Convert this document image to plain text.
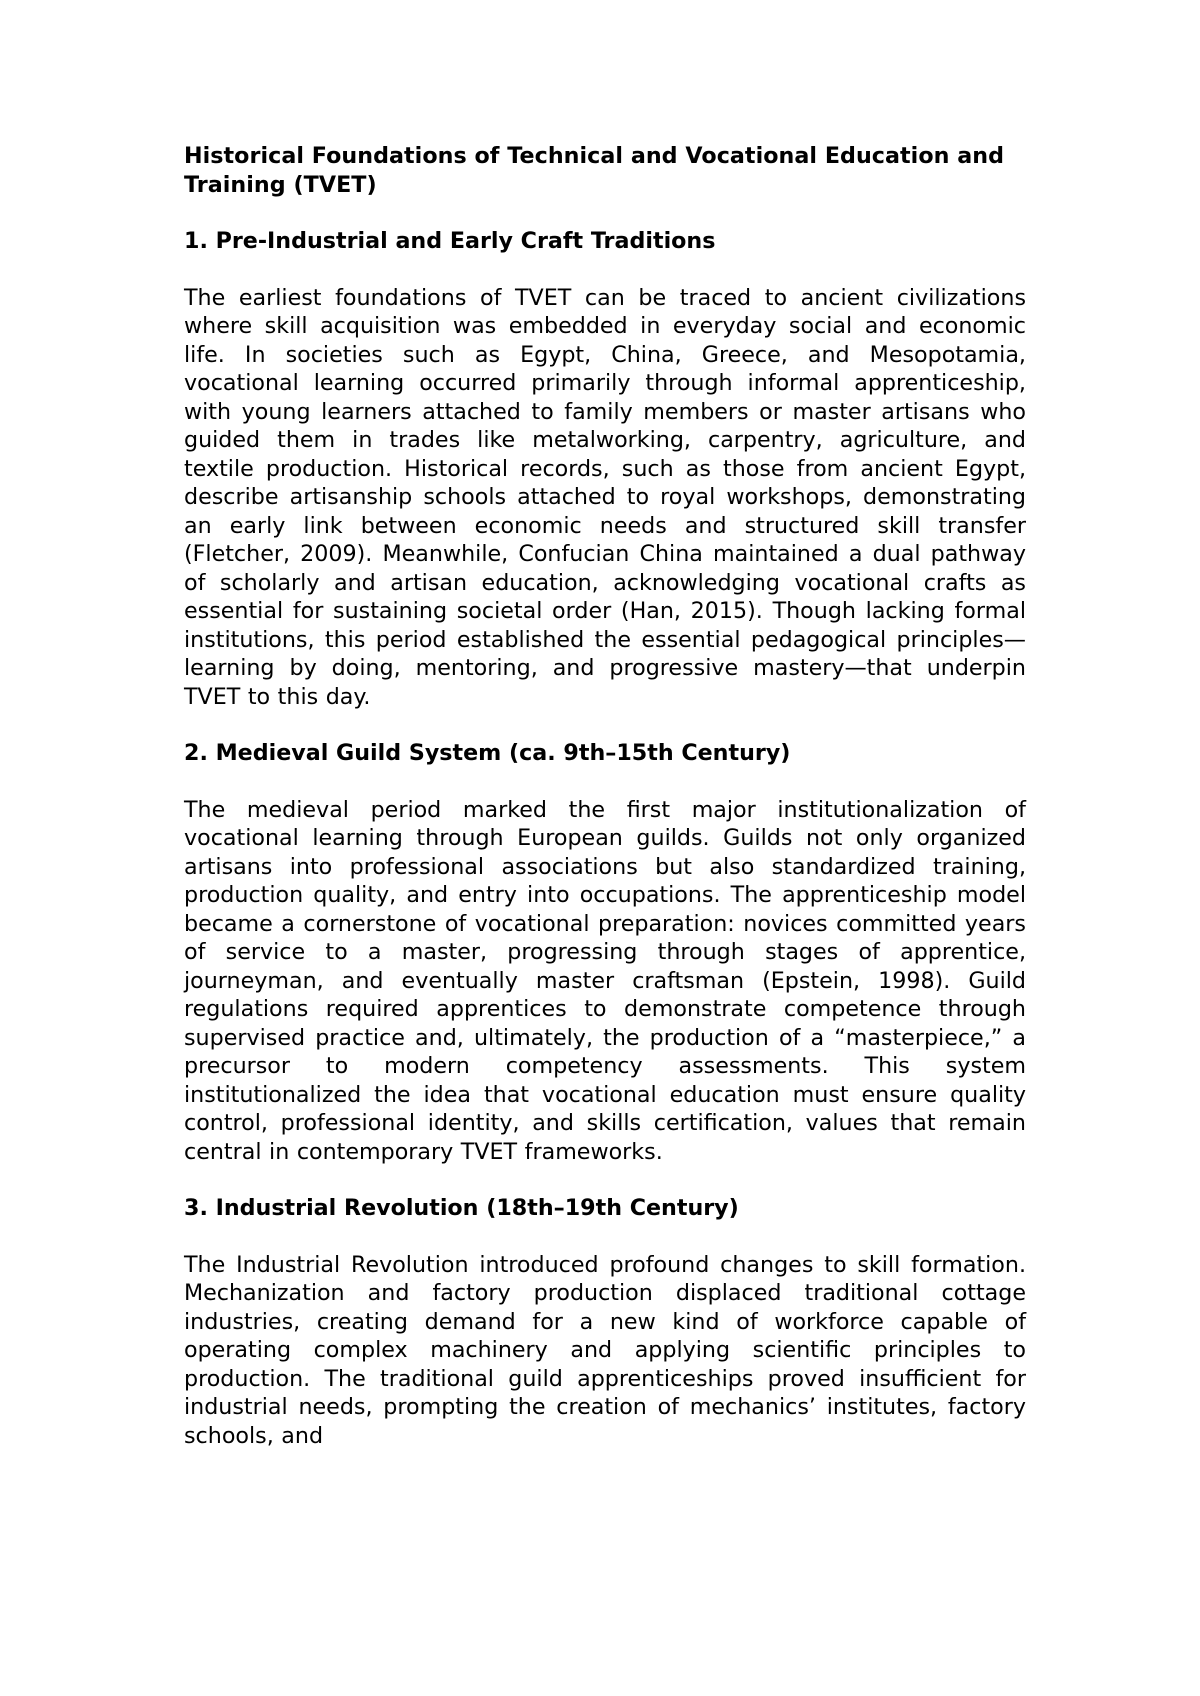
Historical Foundations of Technical and Vocational Education and Training (TVET)
1. Pre-Industrial and Early Craft Traditions

The earliest foundations of TVET can be traced to ancient civilizations where skill acquisition was embedded in everyday social and economic life. In societies such as Egypt, China, Greece, and Mesopotamia, vocational learning occurred primarily through informal apprenticeship, with young learners attached to family members or master artisans who guided them in trades like metalworking, carpentry, agriculture, and textile production. Historical records, such as those from ancient Egypt, describe artisanship schools attached to royal workshops, demonstrating an early link between economic needs and structured skill transfer (Fletcher, 2009). Meanwhile, Confucian China maintained a dual pathway of scholarly and artisan education, acknowledging vocational crafts as essential for sustaining societal order (Han, 2015). Though lacking formal institutions, this period established the essential pedagogical principles—learning by doing, mentoring, and progressive mastery—that underpin TVET to this day.

2. Medieval Guild System (ca. 9th–15th Century)

The medieval period marked the first major institutionalization of vocational learning through European guilds. Guilds not only organized artisans into professional associations but also standardized training, production quality, and entry into occupations. The apprenticeship model became a cornerstone of vocational preparation: novices committed years of service to a master, progressing through stages of apprentice, journeyman, and eventually master craftsman (Epstein, 1998). Guild regulations required apprentices to demonstrate competence through supervised practice and, ultimately, the production of a “masterpiece,” a precursor to modern competency assessments. This system institutionalized the idea that vocational education must ensure quality control, professional identity, and skills certification, values that remain central in contemporary TVET frameworks.

3. Industrial Revolution (18th–19th Century)

The Industrial Revolution introduced profound changes to skill formation. Mechanization and factory production displaced traditional cottage industries, creating demand for a new kind of workforce capable of operating complex machinery and applying scientific principles to production. The traditional guild apprenticeships proved insufficient for industrial needs, prompting the creation of mechanics’ institutes, factory schools, and
